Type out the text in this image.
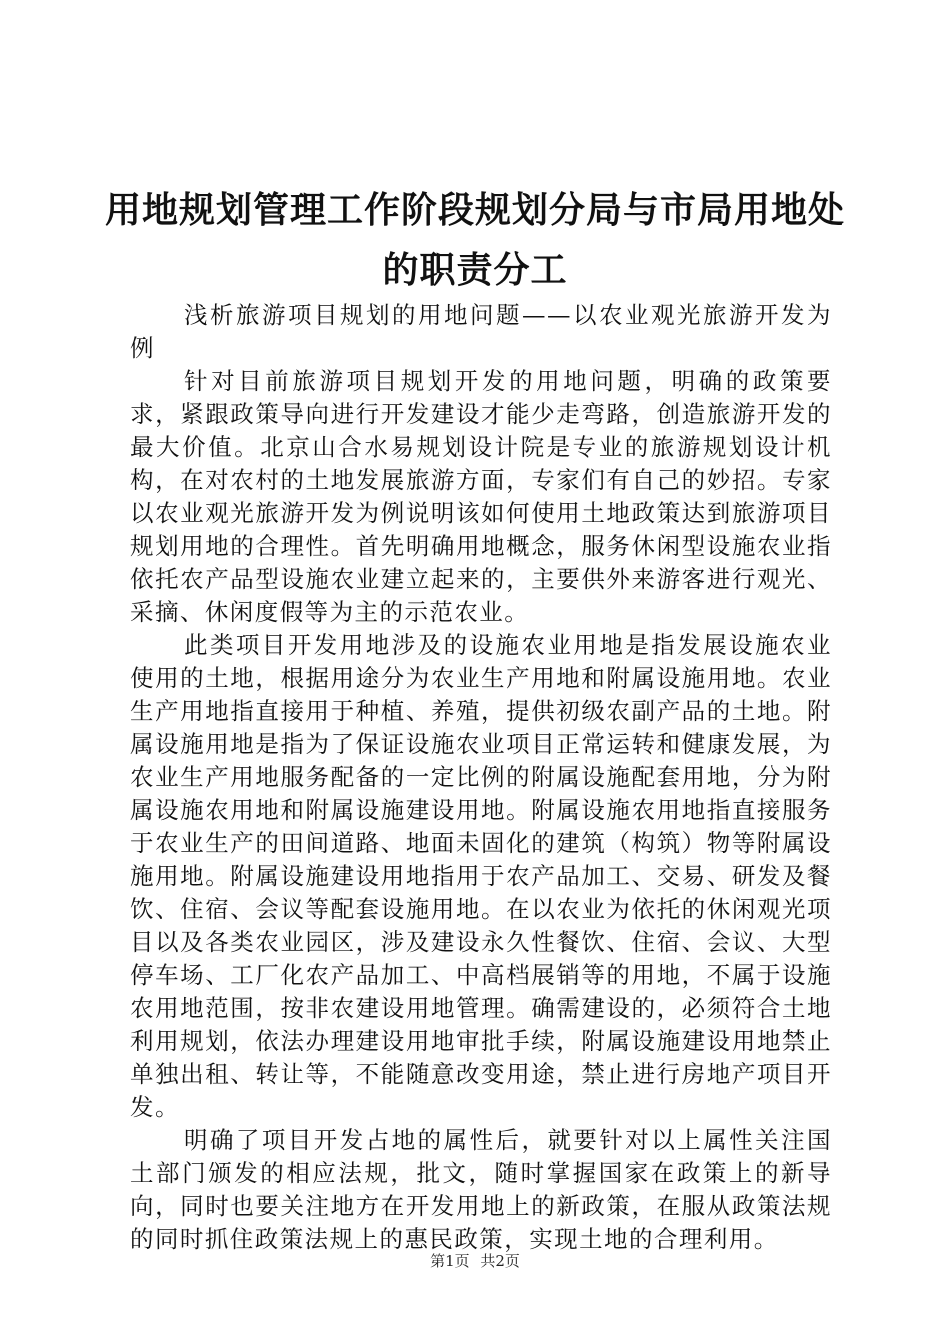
用地规划管理工作阶段规划分局与市局用地处
的职责分工

浅析旅游项目规划的用地问题——以农业观光旅游开发为例

针对目前旅游项目规划开发的用地问题，明确的政策要求，紧跟政策导向进行开发建设才能少走弯路，创造旅游开发的最大价值。北京山合水易规划设计院是专业的旅游规划设计机构，在对农村的土地发展旅游方面，专家们有自己的妙招。专家以农业观光旅游开发为例说明该如何使用土地政策达到旅游项目规划用地的合理性。首先明确用地概念，服务休闲型设施农业指依托农产品型设施农业建立起来的，主要供外来游客进行观光、采摘、休闲度假等为主的示范农业。

此类项目开发用地涉及的设施农业用地是指发展设施农业使用的土地，根据用途分为农业生产用地和附属设施用地。农业生产用地指直接用于种植、养殖，提供初级农副产品的土地。附属设施用地是指为了保证设施农业项目正常运转和健康发展，为农业生产用地服务配备的一定比例的附属设施配套用地，分为附属设施农用地和附属设施建设用地。附属设施农用地指直接服务于农业生产的田间道路、地面未固化的建筑（构筑）物等附属设施用地。附属设施建设用地指用于农产品加工、交易、研发及餐饮、住宿、会议等配套设施用地。在以农业为依托的休闲观光项目以及各类农业园区，涉及建设永久性餐饮、住宿、会议、大型停车场、工厂化农产品加工、中高档展销等的用地，不属于设施农用地范围，按非农建设用地管理。确需建设的，必须符合土地利用规划，依法办理建设用地审批手续，附属设施建设用地禁止单独出租、转让等，不能随意改变用途，禁止进行房地产项目开发。

明确了项目开发占地的属性后，就要针对以上属性关注国土部门颁发的相应法规，批文，随时掌握国家在政策上的新导向，同时也要关注地方在开发用地上的新政策，在服从政策法规的同时抓住政策法规上的惠民政策，实现土地的合理利用。

第1页 共2页
